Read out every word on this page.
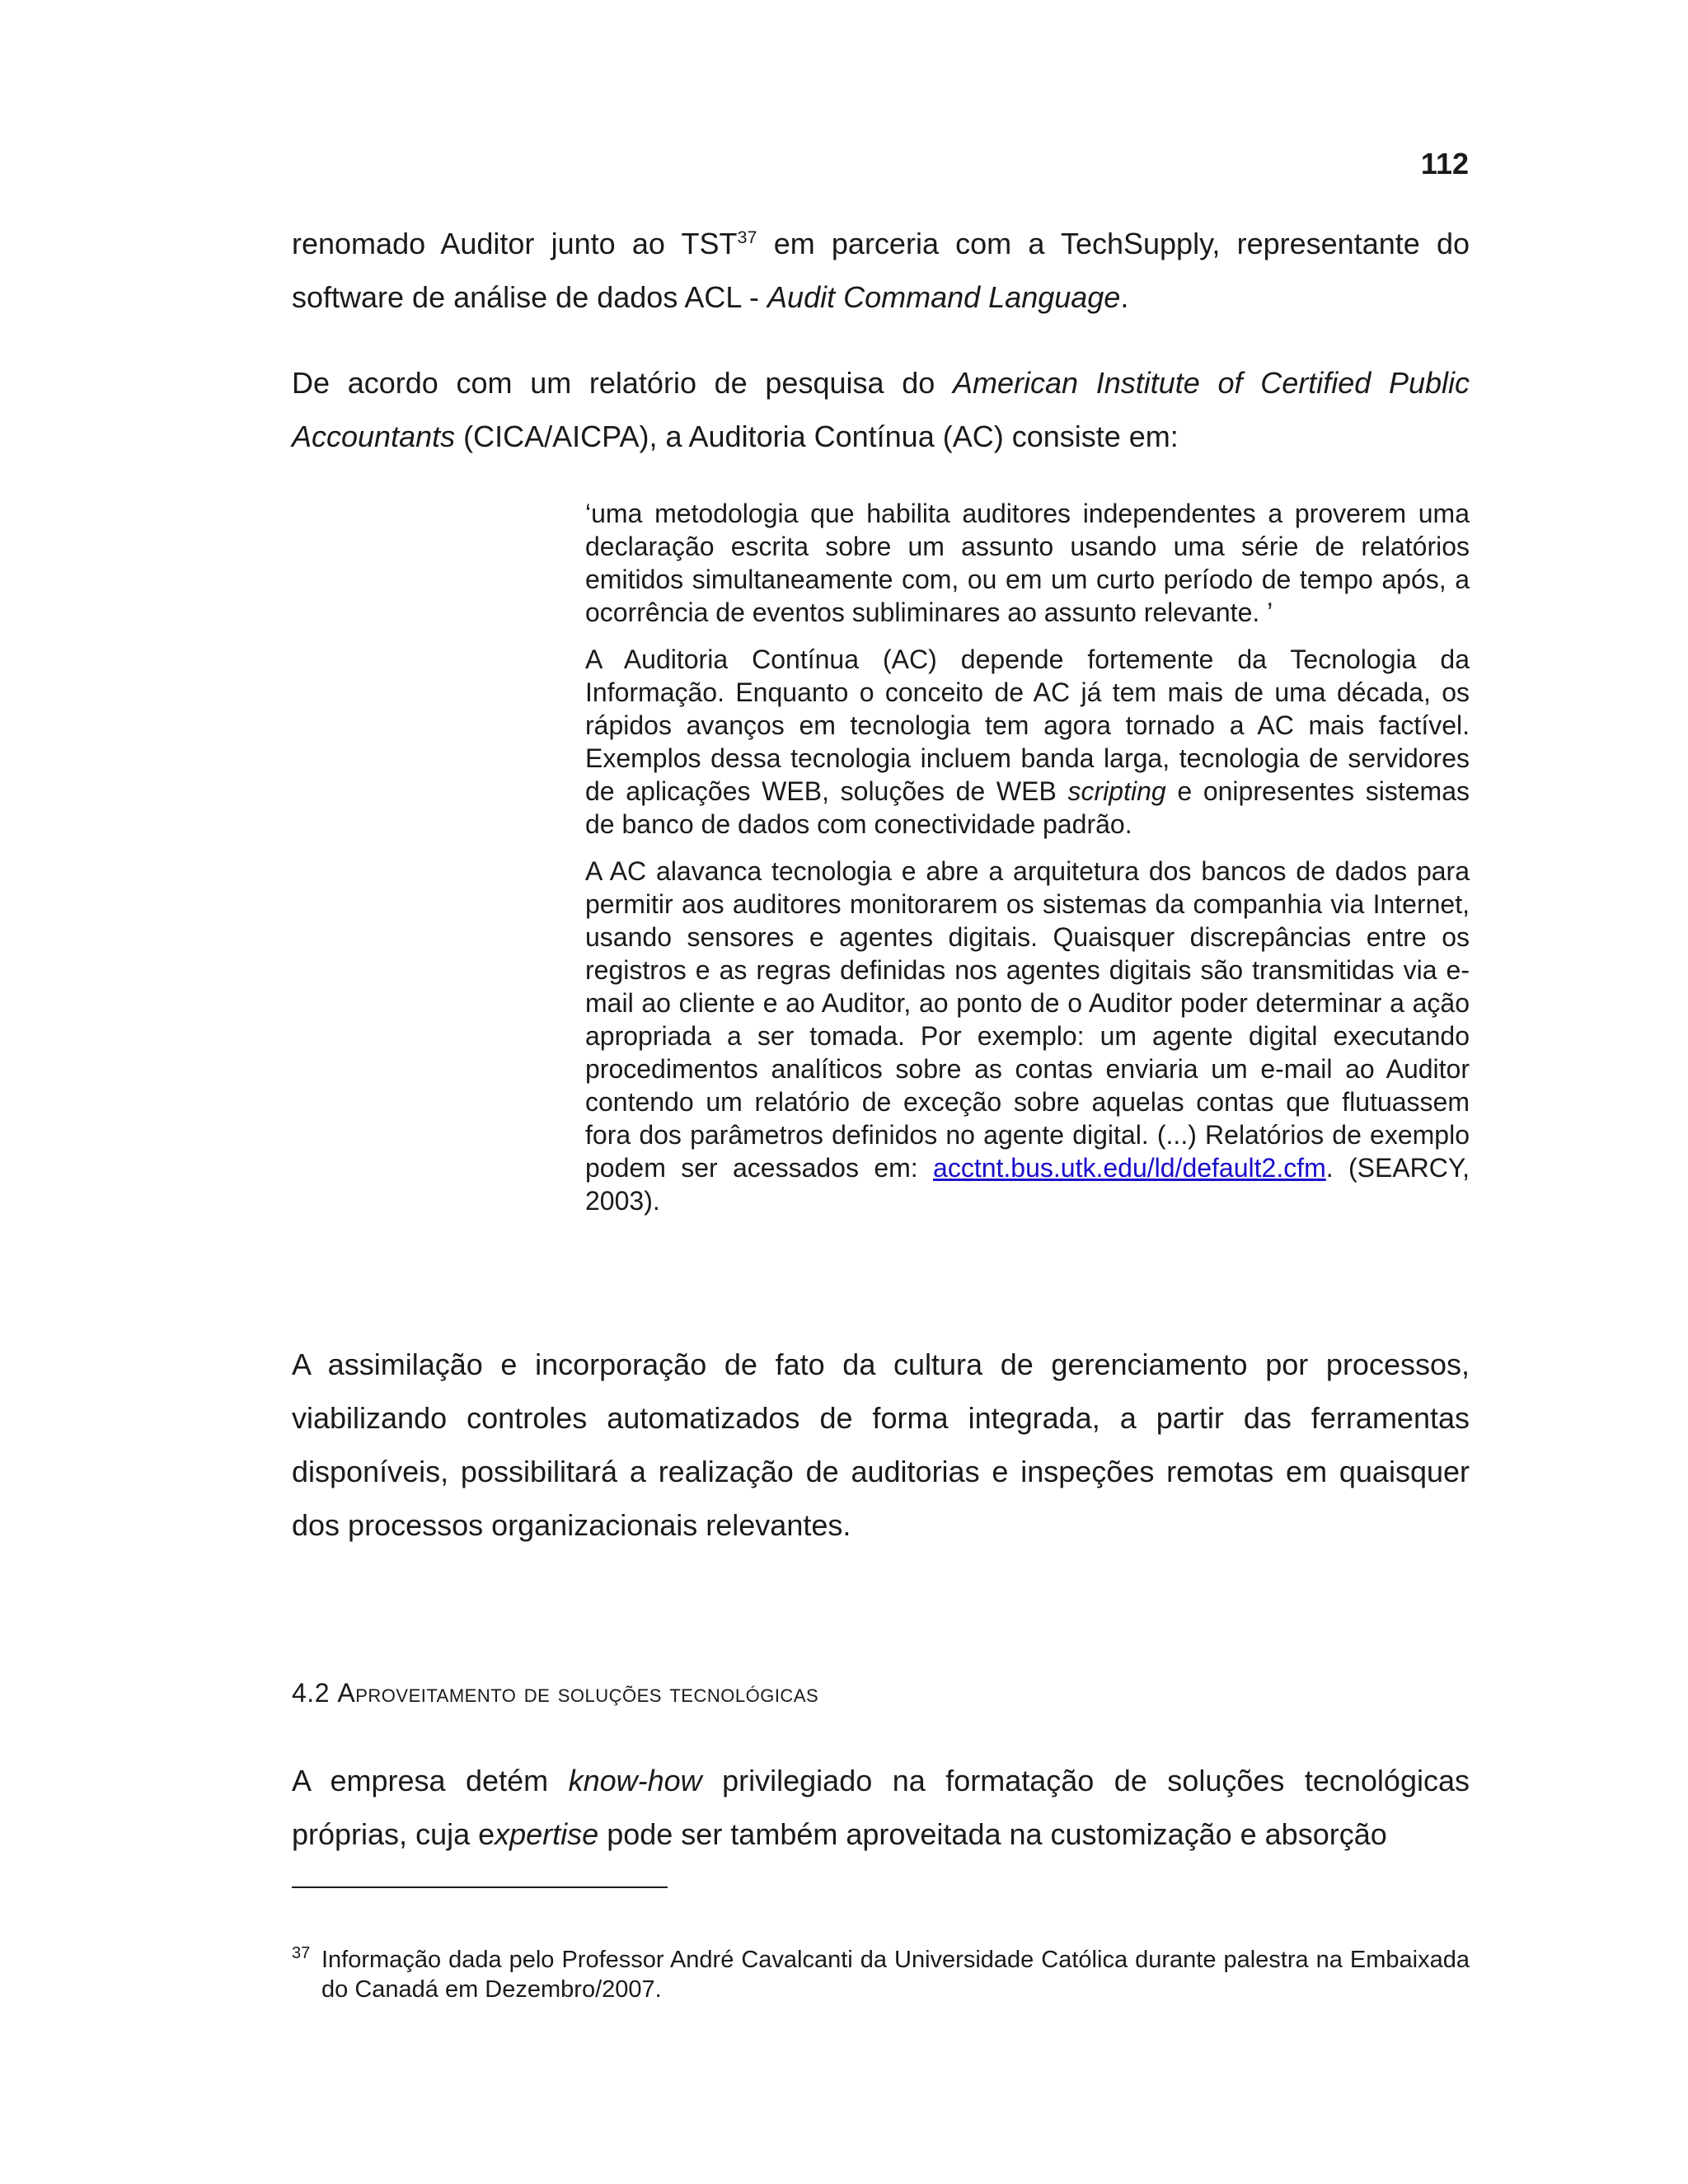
112

renomado Auditor junto ao TST$^{37}$ em parceria com a TechSupply, representante do software de análise de dados ACL - Audit Command Language.

De acordo com um relatório de pesquisa do American Institute of Certified Public Accountants (CICA/AICPA), a Auditoria Contínua (AC) consiste em:

‘uma metodologia que habilita auditores independentes a proverem uma declaração escrita sobre um assunto usando uma série de relatórios emitidos simultaneamente com, ou em um curto período de tempo após, a ocorrência de eventos subliminares ao assunto relevante. ’

A Auditoria Contínua (AC) depende fortemente da Tecnologia da Informação. Enquanto o conceito de AC já tem mais de uma década, os rápidos avanços em tecnologia tem agora tornado a AC mais factível. Exemplos dessa tecnologia incluem banda larga, tecnologia de servidores de aplicações WEB, soluções de WEB scripting e onipresentes sistemas de banco de dados com conectividade padrão.

A AC alavanca tecnologia e abre a arquitetura dos bancos de dados para permitir aos auditores monitorarem os sistemas da companhia via Internet, usando sensores e agentes digitais. Quaisquer discrepâncias entre os registros e as regras definidas nos agentes digitais são transmitidas via e-mail ao cliente e ao Auditor, ao ponto de o Auditor poder determinar a ação apropriada a ser tomada. Por exemplo: um agente digital executando procedimentos analíticos sobre as contas enviaria um e-mail ao Auditor contendo um relatório de exceção sobre aquelas contas que flutuassem fora dos parâmetros definidos no agente digital. (...) Relatórios de exemplo podem ser acessados em: acctnt.bus.utk.edu/ld/default2.cfm. (SEARCY, 2003).

A assimilação e incorporação de fato da cultura de gerenciamento por processos, viabilizando controles automatizados de forma integrada, a partir das ferramentas disponíveis, possibilitará a realização de auditorias e inspeções remotas em quaisquer dos processos organizacionais relevantes.

4.2 Aproveitamento de soluções tecnológicas

A empresa detém know-how privilegiado na formatação de soluções tecnológicas próprias, cuja expertise pode ser também aproveitada na customização e absorção

37 Informação dada pelo Professor André Cavalcanti da Universidade Católica durante palestra na Embaixada do Canadá em Dezembro/2007.
